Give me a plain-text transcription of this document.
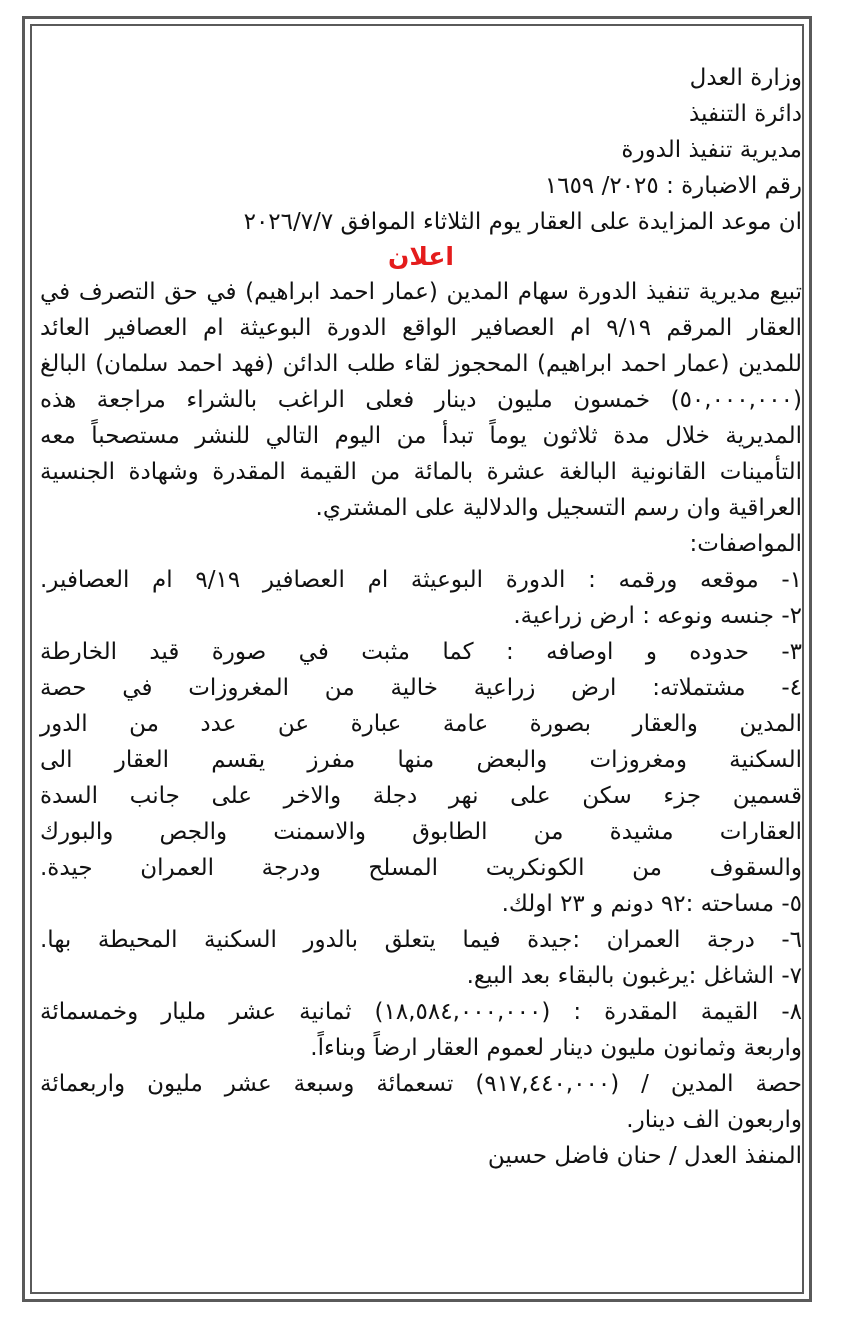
وزارة العدل
دائرة التنفيذ
مديرية تنفيذ الدورة
رقم الاضبارة : ٢٠٢٥/ ١٦٥٩
ان موعد المزايدة على العقار يوم الثلاثاء الموافق ٢٠٢٦/٧/٧
اعلان
تبيع مديرية تنفيذ الدورة سهام المدين (عمار احمد ابراهيم) في حق التصرف في
العقار المرقم ٩/١٩ ام العصافير الواقع الدورة البوعيثة ام العصافير العائد
للمدين (عمار احمد ابراهيم) المحجوز لقاء طلب الدائن (فهد احمد سلمان) البالغ
(٥٠,٠٠٠,٠٠٠) خمسون مليون دينار فعلى الراغب بالشراء مراجعة هذه
المديرية خلال مدة ثلاثون يوماً تبدأ من اليوم التالي للنشر مستصحباً معه
التأمينات القانونية البالغة عشرة بالمائة من القيمة المقدرة وشهادة الجنسية
العراقية وان رسم التسجيل والدلالية على المشتري.
المواصفات:
١- موقعه ورقمه : الدورة البوعيثة ام العصافير ٩/١٩ ام العصافير.
٢- جنسه ونوعه : ارض زراعية.
٣- حدوده و اوصافه : كما مثبت في صورة قيد الخارطة
٤- مشتملاته: ارض زراعية خالية من المغروزات في حصة
المدين والعقار بصورة عامة عبارة عن عدد من الدور
السكنية ومغروزات والبعض منها مفرز يقسم العقار الى
قسمين جزء سكن على نهر دجلة والاخر على جانب السدة
العقارات مشيدة من الطابوق والاسمنت والجص والبورك
والسقوف من الكونكريت المسلح ودرجة العمران جيدة.
٥- مساحته :٩٢ دونم و ٢٣ اولك.
٦- درجة العمران :جيدة فيما يتعلق بالدور السكنية المحيطة بها.
٧- الشاغل :يرغبون بالبقاء بعد البيع.
٨- القيمة المقدرة : (١٨,٥٨٤,٠٠٠,٠٠٠) ثمانية عشر مليار وخمسمائة
واربعة وثمانون مليون دينار لعموم العقار ارضاً وبناءاً.
حصة المدين / (٩١٧,٤٤٠,٠٠٠) تسعمائة وسبعة عشر مليون واربعمائة
واربعون الف دينار.
المنفذ العدل / حنان فاضل حسين
